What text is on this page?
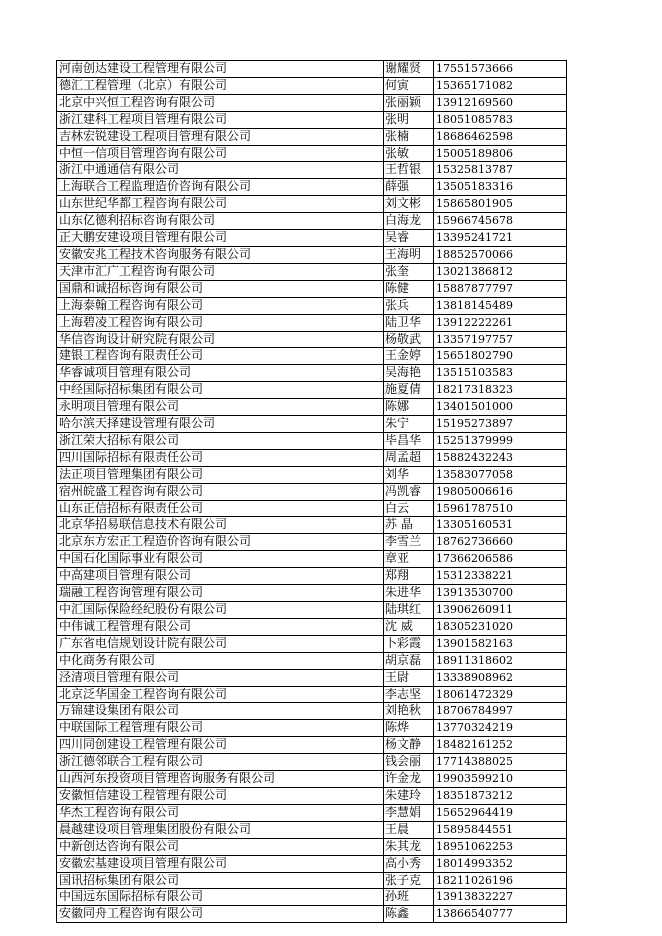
河南创达建设工程管理有限公司	谢耀贤	17551573666
德汇工程管理（北京）有限公司	何寅	15365171082
北京中兴恒工程咨询有限公司	张丽颖	13912169560
浙江建科工程项目管理有限公司	张明	18051085783
吉林宏锐建设工程项目管理有限公司	张楠	18686462598
中恒一信项目管理咨询有限公司	张敏	15005189806
浙江中通通信有限公司	王哲银	15325813787
上海联合工程监理造价咨询有限公司	薛强	13505183316
山东世纪华都工程咨询有限公司	刘文彬	15865801905
山东亿德利招标咨询有限公司	白海龙	15966745678
正大鹏安建设项目管理有限公司	吴睿	13395241721
安徽安兆工程技术咨询服务有限公司	王海明	18852570066
天津市汇广工程咨询有限公司	张奎	13021386812
国鼎和诚招标咨询有限公司	陈健	15887877797
上海泰翰工程咨询有限公司	张兵	13818145489
上海碧凌工程咨询有限公司	陆卫华	13912222261
华信咨询设计研究院有限公司	杨敬武	13357197757
建银工程咨询有限责任公司	王金婷	15651802790
华睿诚项目管理有限公司	吴海艳	13515103583
中经国际招标集团有限公司	施夏倩	18217318323
永明项目管理有限公司	陈娜	13401501000
哈尔滨天择建设管理有限公司	朱宁	15195273897
浙江荣大招标有限公司	毕昌华	15251379999
四川国际招标有限责任公司	周孟超	15882432243
法正项目管理集团有限公司	刘华	13583077058
宿州皖盛工程咨询有限公司	冯凯睿	19805006616
山东正信招标有限责任公司	白云	15961787510
北京华招易联信息技术有限公司	苏 晶	13305160531
北京东方宏正工程造价咨询有限公司	李雪兰	18762736660
中国石化国际事业有限公司	章亚	17366206586
中高建项目管理有限公司	郑翔	15312338221
瑞融工程咨询管理有限公司	朱进华	13913530700
中汇国际保险经纪股份有限公司	陆琪红	13906260911
中伟诚工程管理有限公司	沈 威	18305231020
广东省电信规划设计院有限公司	卜彩霞	13901582163
中化商务有限公司	胡京磊	18911318602
泾清项目管理有限公司	王尉	13338908962
北京泛华国金工程咨询有限公司	李志坚	18061472329
万锦建设集团有限公司	刘艳秋	18706784997
中联国际工程管理有限公司	陈烨	13770324219
四川同创建设工程管理有限公司	杨文静	18482161252
浙江德邻联合工程有限公司	钱会丽	17714388025
山西河东投资项目管理咨询服务有限公司	许金龙	19903599210
安徽恒信建设工程管理有限公司	朱建玲	18351873212
华杰工程咨询有限公司	李慧娟	15652964419
晨越建设项目管理集团股份有限公司	王晨	15895844551
中新创达咨询有限公司	朱其龙	18951062253
安徽宏基建设项目管理有限公司	高小秀	18014993352
国讯招标集团有限公司	张子克	18211026196
中国远东国际招标有限公司	孙班	13913832227
安徽同舟工程咨询有限公司	陈鑫	13866540777
